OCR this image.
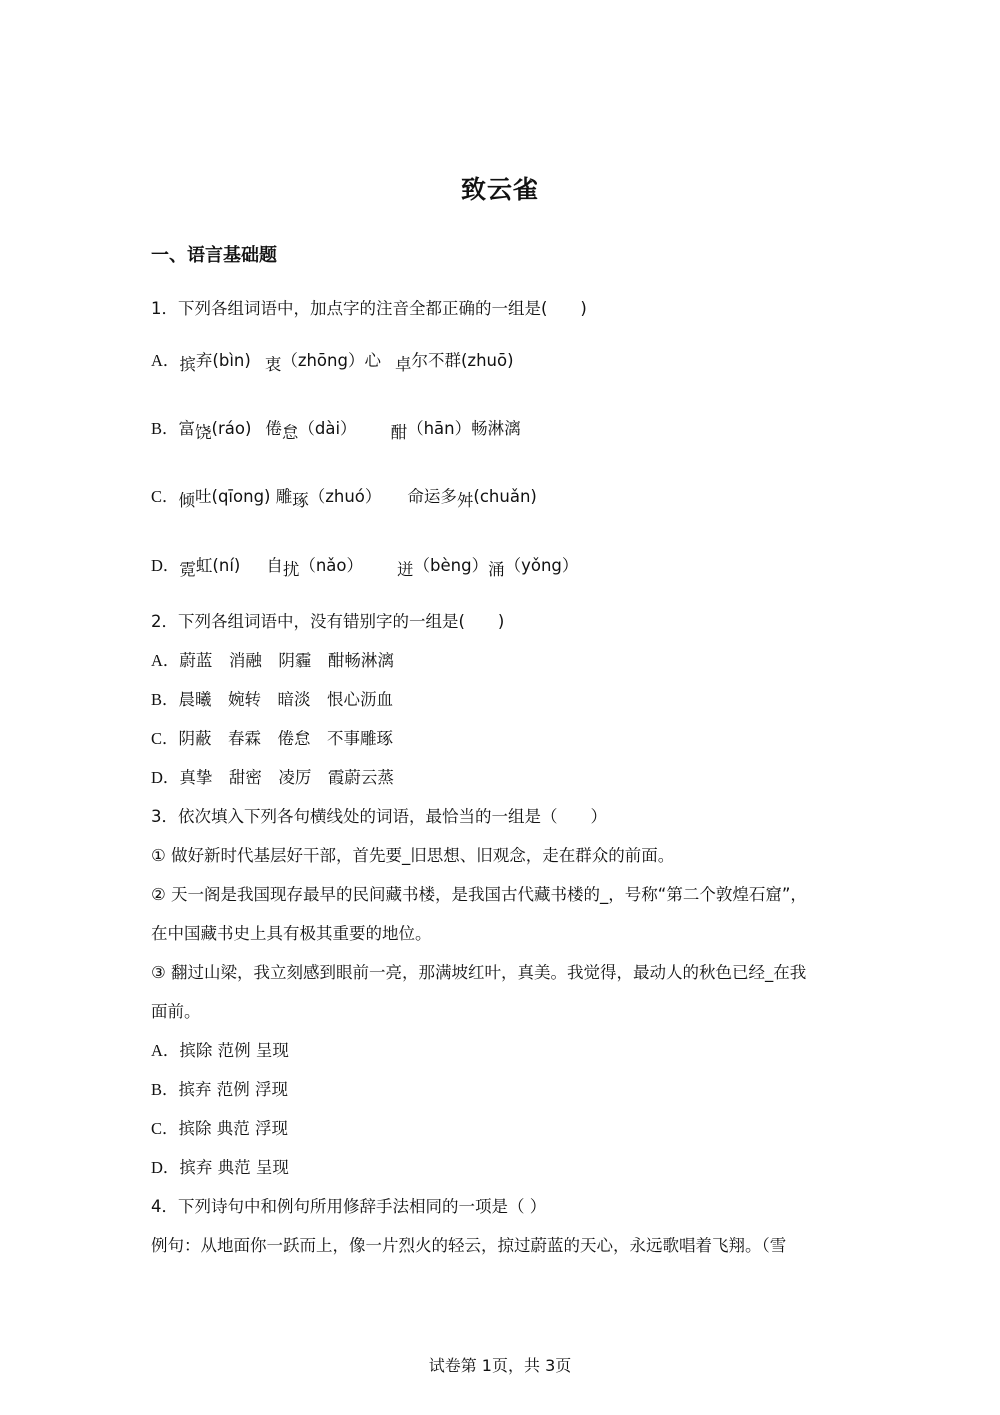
致云雀
一、语言基础题
1．下列各组词语中，加点字的注音全都正确的一组是(　　)
A．摈弃(bìn) 衷（zhōng）心 卓尔不群(zhuō)
B．富饶(ráo) 倦怠（dài） 酣（hān）畅淋漓
C．倾吐(qīong) 雕琢（zhuó） 命运多舛(chuǎn)
D．霓虹(ní) 自扰（nǎo） 迸（bèng）涌（yǒng）
2．下列各组词语中，没有错别字的一组是(　　)
A．蔚蓝　消融　阴霾　酣畅淋漓
B．晨曦　婉转　暗淡　恨心沥血
C．阴蔽　春霖　倦怠　不事雕琢
D．真挚　甜密　凌厉　霞蔚云蒸
3．依次填入下列各句横线处的词语，最恰当的一组是（　　）
① 做好新时代基层好干部，首先要_旧思想、旧观念，走在群众的前面。
② 天一阁是我国现存最早的民间藏书楼，是我国古代藏书楼的_，号称“第二个敦煌石窟”，
在中国藏书史上具有极其重要的地位。
③ 翻过山梁，我立刻感到眼前一亮，那满坡红叶，真美。我觉得，最动人的秋色已经_在我
面前。
A．摈除 范例 呈现
B．摈弃 范例 浮现
C．摈除 典范 浮现
D．摈弃 典范 呈现
4．下列诗句中和例句所用修辞手法相同的一项是（ ）
例句：从地面你一跃而上，像一片烈火的轻云，掠过蔚蓝的天心，永远歌唱着飞翔。（雪
试卷第 1页，共 3页
